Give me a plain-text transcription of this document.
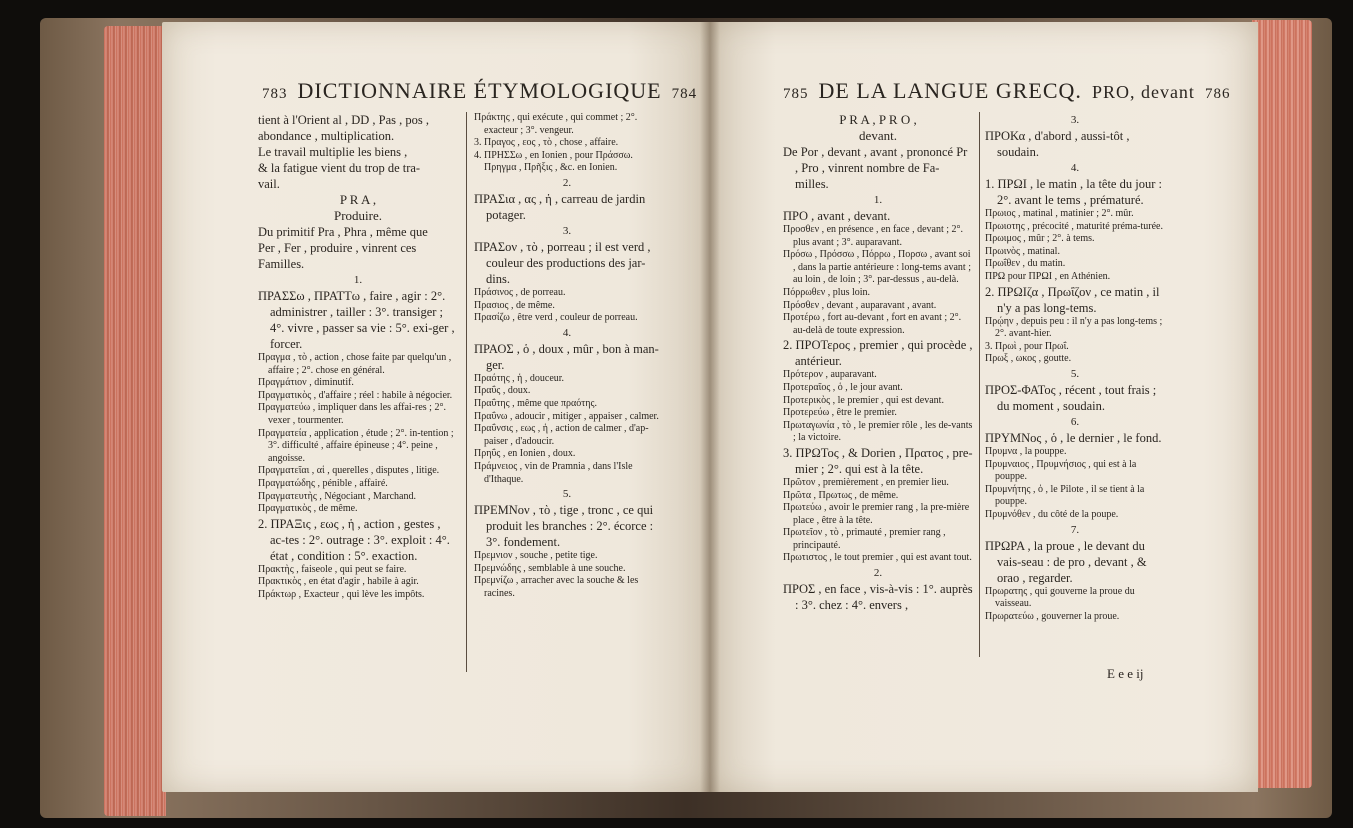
783 DICTIONNAIRE ÉTYMOLOGIQUE 784	785 DE LA LANGUE GRECQ. PRO, devant 786

tient à l'Orient al , DD , Pas , pos ,

abondance , multiplication.

Le travail multiplie les biens ,

& la fatigue vient du trop de tra-

vail.

P R A ,

Produire.

Du primitif Pra , Phra , même que

Per , Fer , produire , vinrent ces

Familles.

1.

ΠΡΑΣΣω , ΠΡΑΤΤω , faire , agir : 2°. administrer , tailler : 3°. transiger ; 4°. vivre , passer sa vie : 5°. exi-ger , forcer.

Πραγμα , τὸ , action , chose faite par quelqu'un , affaire ; 2°. chose en général.

Πραγμάτιον , diminutif.

Πραγματικὸς , d'affaire ; réel : habile à négocier.

Πραγματεύω , impliquer dans les affai-res ; 2°. vexer , tourmenter.

Πραγματεία , application , étude ; 2°. in-tention ; 3°. difficulté , affaire épineuse ; 4°. peine , angoisse.

Πραγματεῖαι , αἱ , querelles , disputes , litige.

Πραγματώδης , pénible , affairé.

Πραγματευτὴς , Négociant , Marchand.

Πραγματικὸς , de même.

2. ΠΡΑΞις , εως , ἡ , action , gestes , ac-tes : 2°. outrage : 3°. exploit : 4°. état , condition : 5°. exaction.

Πρακτὴς , faiseole , qui peut se faire.

Πρακτικὸς , en état d'agir , habile à agir.

Πράκτωρ , Exacteur , qui lève les impôts.

Πράκτης , qui exécute , qui commet ; 2°. exacteur ; 3°. vengeur.

3. Πραγος , εος , τὸ , chose , affaire.

4. ΠΡΗΣΣω , en Ionien , pour Πράσσω. Πρηγμα , Πρῆξις , &c. en Ionien.

2.

ΠΡΑΣια , ας , ἡ , carreau de jardin potager.

3.

ΠΡΑΣον , τὸ , porreau ; il est verd , couleur des productions des jar-dins.

Πράσινος , de porreau.

Πρασιος , de même.

Πρασίζω , être verd , couleur de porreau.

4.

ΠΡΑΟΣ , ὁ , doux , mûr , bon à man-ger.

Πραότης , ἡ , douceur.

Πραΰς , doux.

Πραΰτης , même que πραότης.

Πραΰνω , adoucir , mitiger , appaiser , calmer.

Πραΰνσις , εως , ἡ , action de calmer , d'ap-paiser , d'adoucir.

Πρηΰς , en Ionien , doux.

Πράμνειος , vin de Pramnia , dans l'Isle d'Ithaque.

5.

ΠΡΕΜΝον , τὸ , tige , tronc , ce qui produit les branches : 2°. écorce : 3°. fondement.

Πρεμνιον , souche , petite tige.

Πρεμνώδης , semblable à une souche.

Πρεμνίζω , arracher avec la souche & les racines.

P R A , P R O ,

devant.

De Por , devant , avant , prononcé Pr , Pro , vinrent nombre de Fa-milles.

1.

ΠΡΟ , avant , devant.

Προσθεν , en présence , en face , devant ; 2°. plus avant ; 3°. auparavant.

Πρόσω , Πρόσσω , Πόρρω , Πορσω , avant soi , dans la partie antérieure : long-tems avant ; au loin , de loin ; 3°. par-dessus , au-delà.

Πόρρωθεν , plus loin.

Πρόσθεν , devant , auparavant , avant.

Προτέρω , fort au-devant , fort en avant ; 2°. au-delà de toute expression.

2. ΠΡΟΤερος , premier , qui procède , antérieur.

Πρότερον , auparavant.

Προτεραῖος , ὁ , le jour avant.

Προτερικὸς , le premier , qui est devant.

Προτερεύω , être le premier.

Πρωταγωνία , τὸ , le premier rôle , les de-vants ; la victoire.

3. ΠΡΩΤος , & Dorien , Πρατος , pre-mier ; 2°. qui est à la tête.

Πρῶτον , premièrement , en premier lieu.

Πρῶτα , Πρωτως , de même.

Πρωτεύω , avoir le premier rang , la pre-mière place , être à la tête.

Πρωτεῖον , τὸ , primauté , premier rang , principauté.

Πρωτιστος , le tout premier , qui est avant tout.

2.

ΠΡΟΣ , en face , vis-à-vis : 1°. auprès : 3°. chez : 4°. envers ,

3.

ΠΡΟΚα , d'abord , aussi-tôt , soudain.

4.

1. ΠΡΩΙ , le matin , la tête du jour : 2°. avant le tems , prématuré.

Πρωιος , matinal , matinier ; 2°. mûr.

Πρωιοτης , précocité , maturité préma-turée.

Πρωιμος , mûr ; 2°. à tems.

Πρωινὸς , matinal.

Πρωΐθεν , du matin.

ΠΡΩ pour ΠΡΩΙ , en Athénien.

2. ΠΡΩΙζα , Πρωΐζον , ce matin , il n'y a pas long-tems.

Πρῴην , depuis peu : il n'y a pas long-tems ; 2°. avant-hier.

3. Πρωὶ , pour Πρωΐ.

Πρωξ , ωκος , goutte.

5.

ΠΡΟΣ-ΦΑΤος , récent , tout frais ; du moment , soudain.

6.

ΠΡΥΜΝος , ὁ , le dernier , le fond.

Πρυμνα , la pouppe.

Πρυμναιος , Πρυμνήσιος , qui est à la pouppe.

Πρυμνήτης , ὁ , le Pilote , il se tient à la pouppe.

Πρυμνόθεν , du côté de la poupe.

7.

ΠΡΩΡΑ , la proue , le devant du vais-seau : de pro , devant , & orao , regarder.

Πρωρατης , qui gouverne la proue du vaisseau.

Πρωρατεύω , gouverner la proue.

E e e ij
